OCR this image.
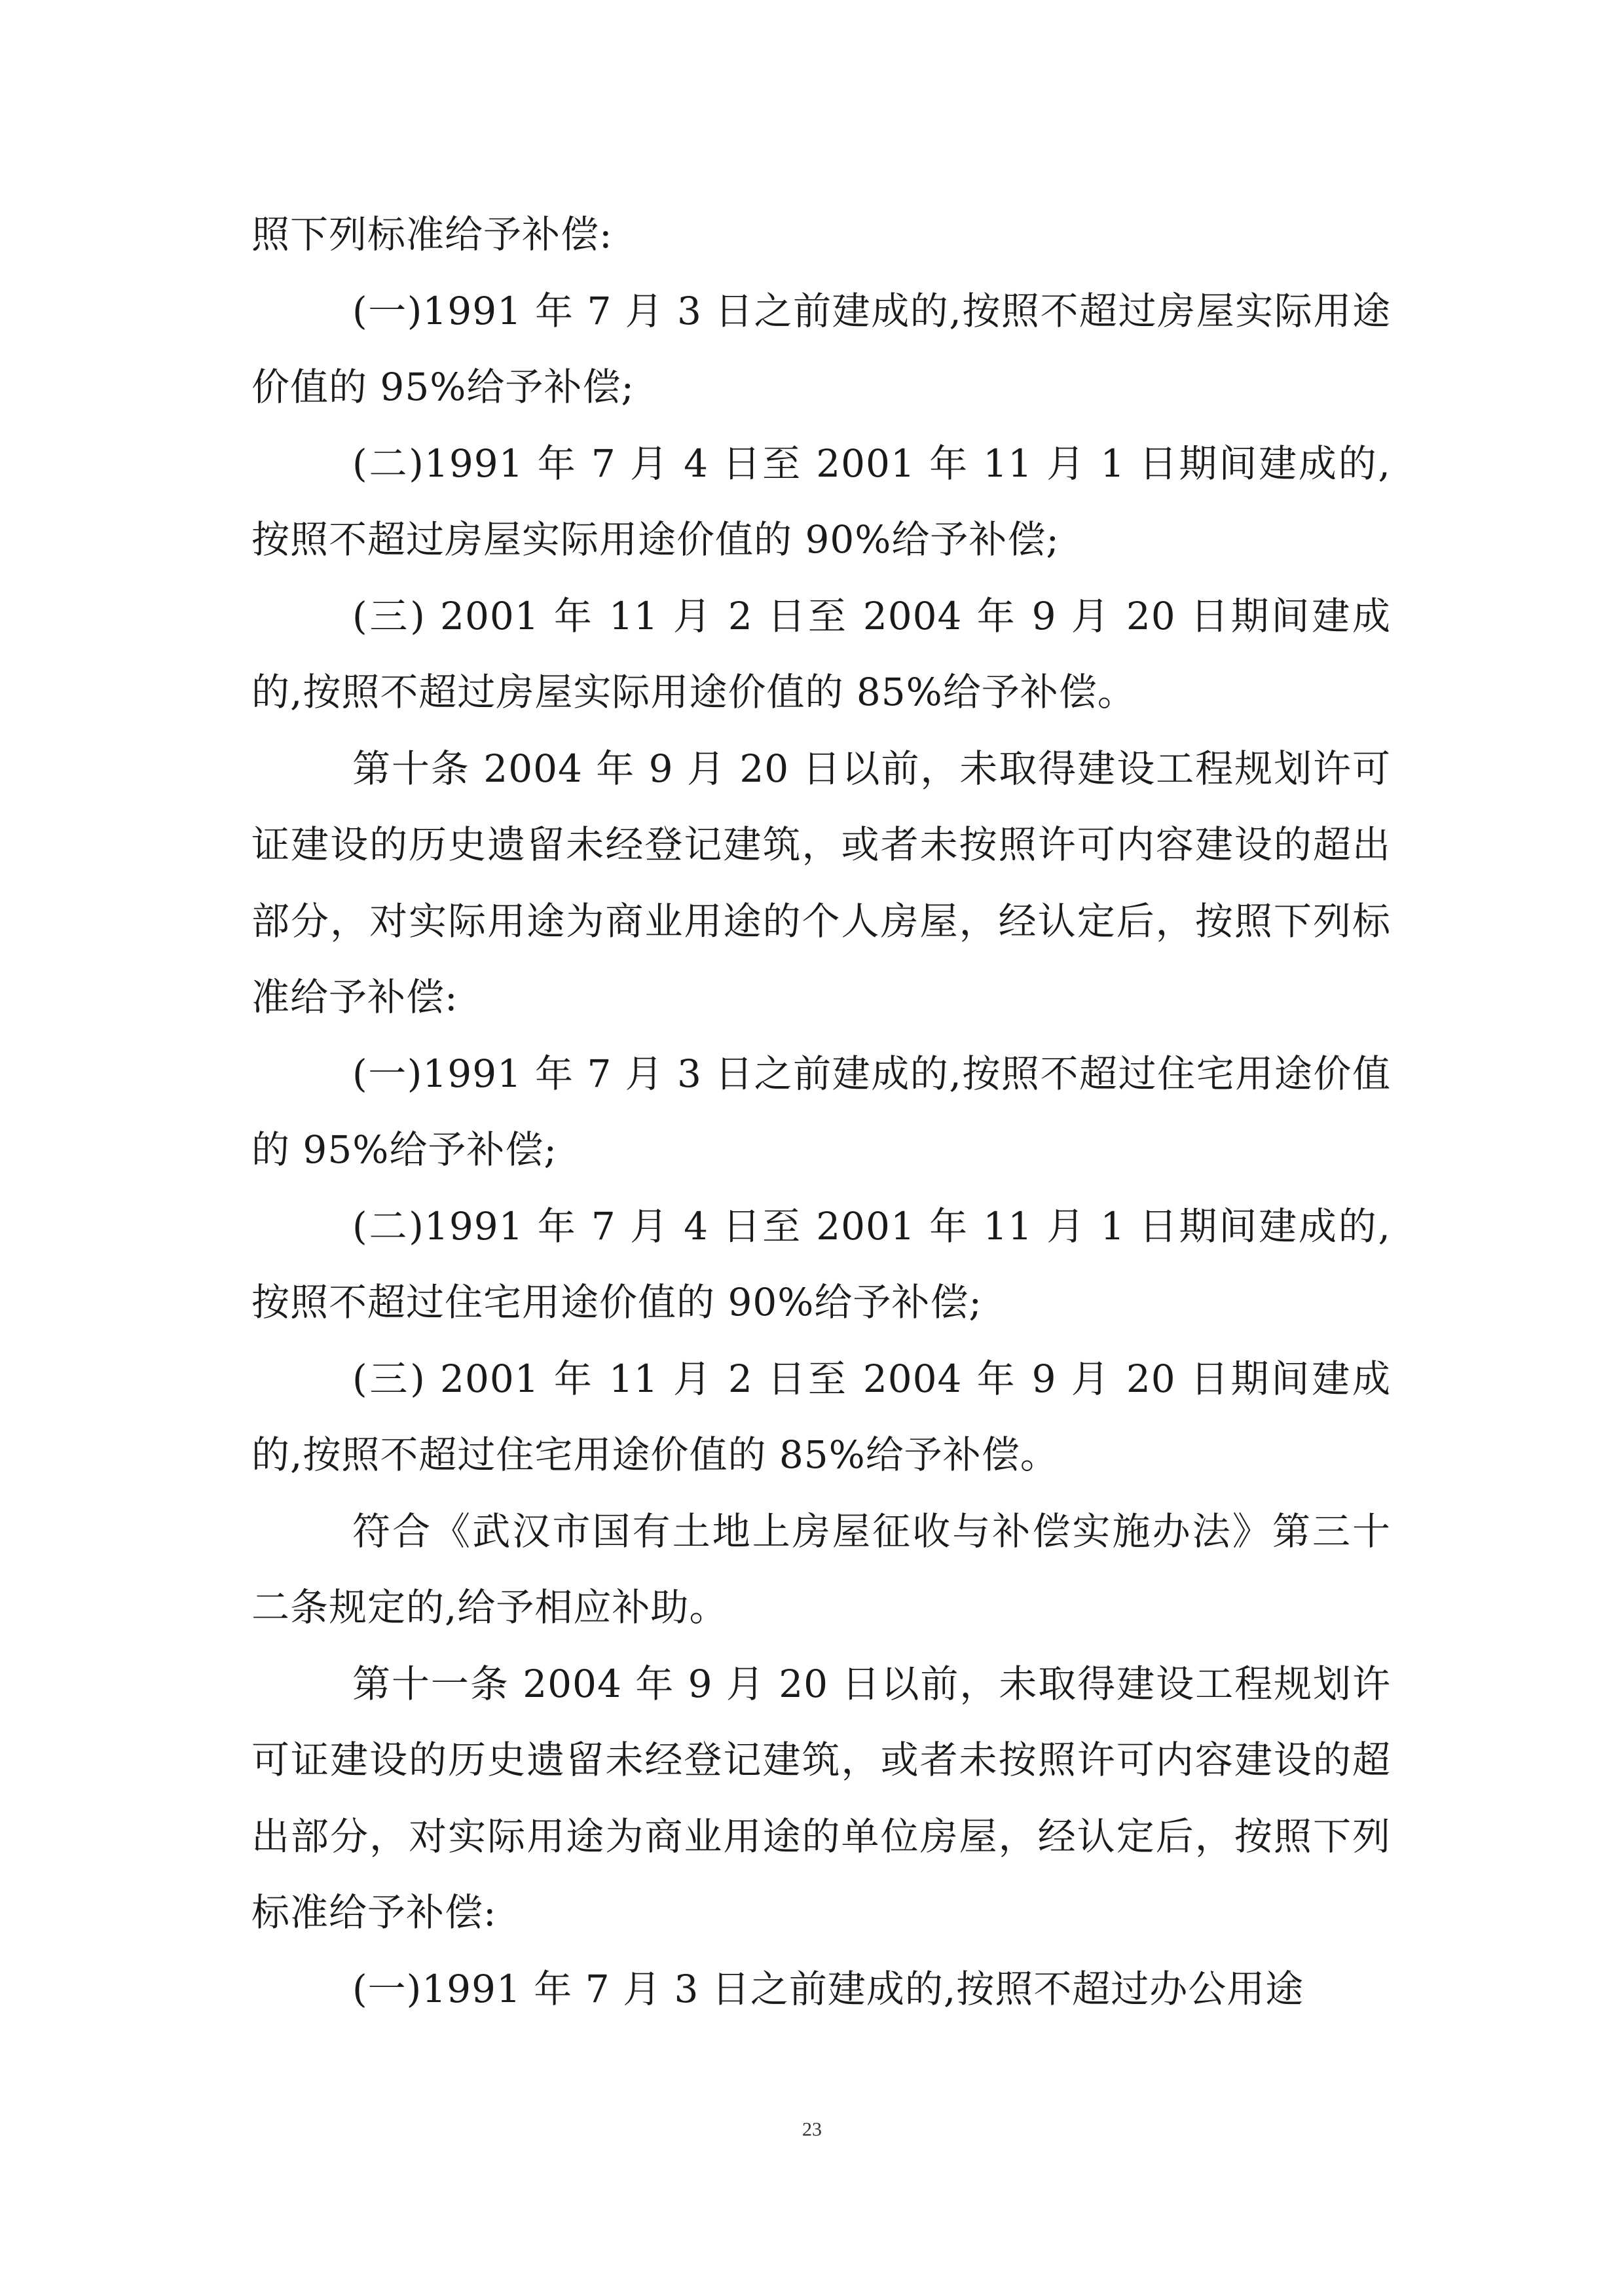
照下列标准给予补偿:

(一)1991 年 7 月 3 日之前建成的,按照不超过房屋实际用途价值的 95%给予补偿;

(二)1991 年 7 月 4 日至 2001 年 11 月 1 日期间建成的,按照不超过房屋实际用途价值的 90%给予补偿;

(三) 2001 年 11 月 2 日至 2004 年 9 月 20 日期间建成的,按照不超过房屋实际用途价值的 85%给予补偿。

第十条 2004 年 9 月 20 日以前，未取得建设工程规划许可证建设的历史遗留未经登记建筑，或者未按照许可内容建设的超出部分，对实际用途为商业用途的个人房屋，经认定后，按照下列标准给予补偿:

(一)1991 年 7 月 3 日之前建成的,按照不超过住宅用途价值的 95%给予补偿;

(二)1991 年 7 月 4 日至 2001 年 11 月 1 日期间建成的,按照不超过住宅用途价值的 90%给予补偿;

(三) 2001 年 11 月 2 日至 2004 年 9 月 20 日期间建成的,按照不超过住宅用途价值的 85%给予补偿。

符合《武汉市国有土地上房屋征收与补偿实施办法》第三十二条规定的,给予相应补助。

第十一条 2004 年 9 月 20 日以前，未取得建设工程规划许可证建设的历史遗留未经登记建筑，或者未按照许可内容建设的超出部分，对实际用途为商业用途的单位房屋，经认定后，按照下列标准给予补偿:

(一)1991 年 7 月 3 日之前建成的,按照不超过办公用途

23
